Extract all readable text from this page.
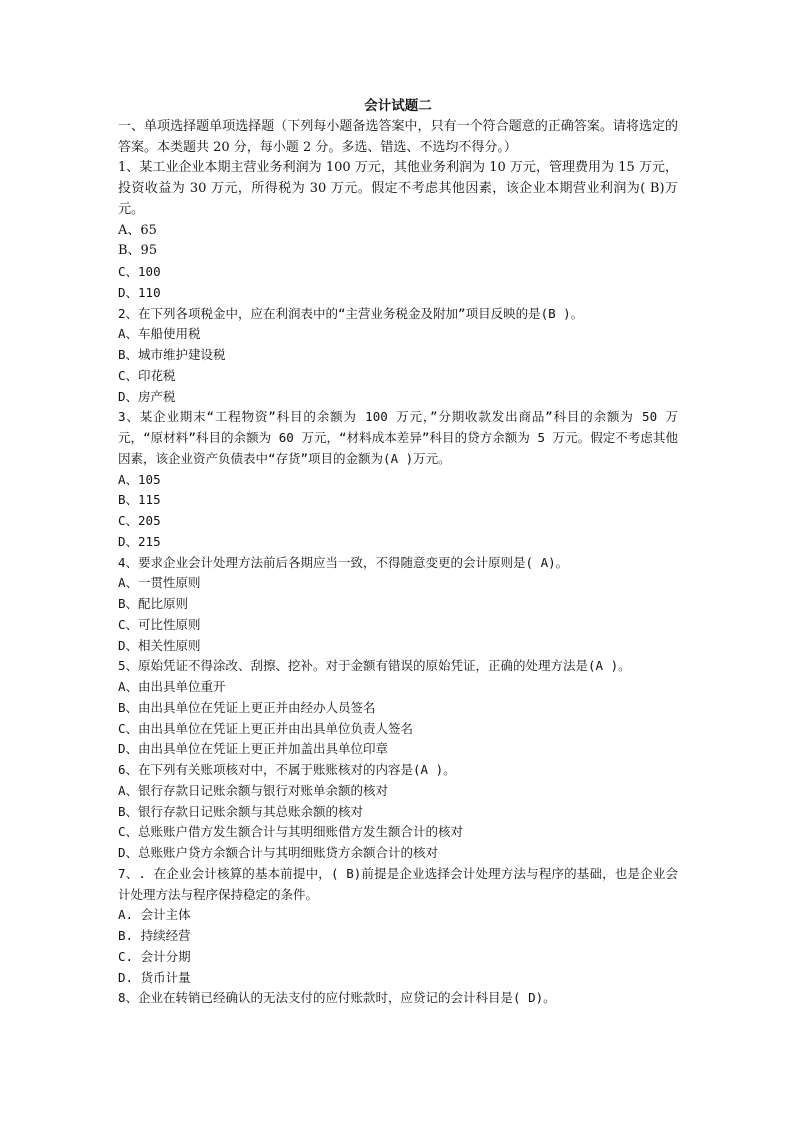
会计试题二
一、单项选择题单项选择题（下列每小题备选答案中，只有一个符合题意的正确答案。请将选定的答案。本类题共 20 分，每小题 2 分。多选、错选、不选均不得分。）
1、某工业企业本期主营业务利润为 100 万元，其他业务利润为 10 万元，管理费用为 15 万元，投资收益为 30 万元，所得税为 30 万元。假定不考虑其他因素，该企业本期营业利润为( B)万元。
A、65
B、95
C、100
D、110
2、在下列各项税金中，应在利润表中的“主营业务税金及附加”项目反映的是(B )。
A、车船使用税
B、城市维护建设税
C、印花税
D、房产税
3、某企业期末“工程物资”科目的余额为 100 万元，”分期收款发出商品”科目的余额为 50 万元，“原材料”科目的余额为 60 万元，“材料成本差异”科目的贷方余额为 5 万元。假定不考虑其他因素，该企业资产负债表中“存货”项目的金额为(A )万元。
A、105
B、115
C、205
D、215
4、要求企业会计处理方法前后各期应当一致，不得随意变更的会计原则是( A)。
A、一贯性原则
B、配比原则
C、可比性原则
D、相关性原则
5、原始凭证不得涂改、刮擦、挖补。对于金额有错误的原始凭证，正确的处理方法是(A )。
A、由出具单位重开
B、由出具单位在凭证上更正并由经办人员签名
C、由出具单位在凭证上更正并由出具单位负责人签名
D、由出具单位在凭证上更正并加盖出具单位印章
6、在下列有关账项核对中，不属于账账核对的内容是(A )。
A、银行存款日记账余额与银行对账单余额的核对
B、银行存款日记账余额与其总账余额的核对
C、总账账户借方发生额合计与其明细账借方发生额合计的核对
D、总账账户贷方余额合计与其明细账贷方余额合计的核对
7、. 在企业会计核算的基本前提中，( B)前提是企业选择会计处理方法与程序的基础，也是企业会计处理方法与程序保持稳定的条件。
A. 会计主体
B. 持续经营
C. 会计分期
D. 货币计量
8、企业在转销已经确认的无法支付的应付账款时，应贷记的会计科目是( D)。
